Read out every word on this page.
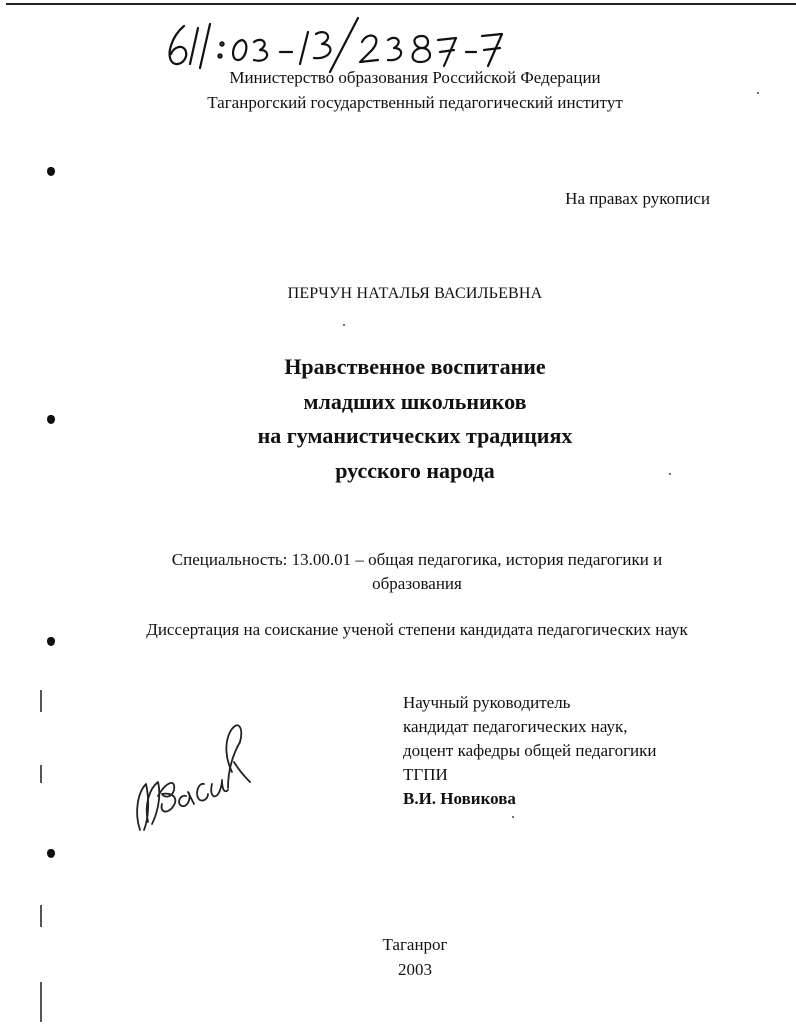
Министерство образования Российской Федерации
Таганрогский государственный педагогический институт
На правах рукописи
ПЕРЧУН НАТАЛЬЯ ВАСИЛЬЕВНА
Нравственное воспитание
младших школьников
на гуманистических традициях
русского народа
Специальность: 13.00.01 – общая педагогика, история педагогики и
образования
Диссертация на соискание ученой степени кандидата педагогических наук
Научный руководитель
кандидат педагогических наук,
доцент кафедры общей педагогики
ТГПИ
В.И. Новикова
Таганрог
2003
